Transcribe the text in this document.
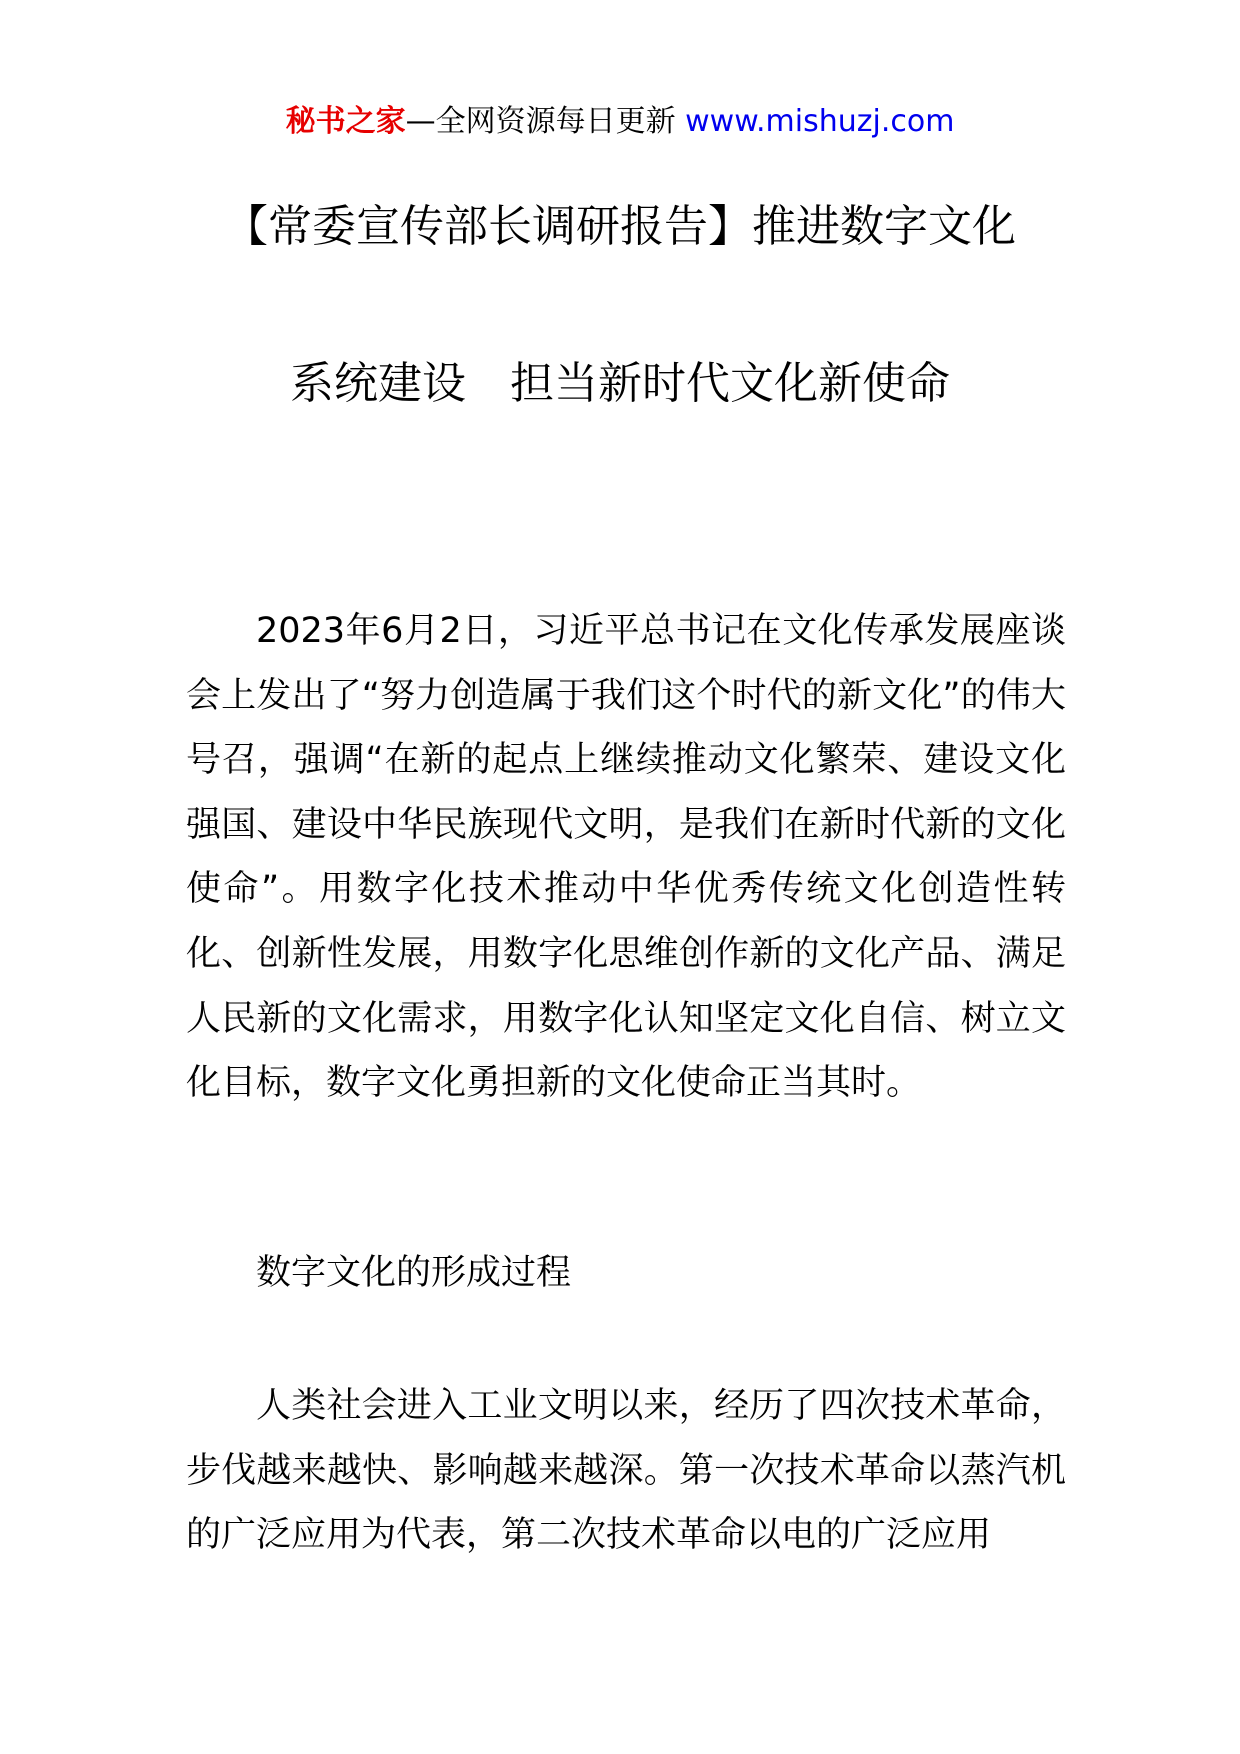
秘书之家—全网资源每日更新 www.mishuzj.com
【常委宣传部长调研报告】推进数字文化
系统建设　担当新时代文化新使命

2023年6月2日，习近平总书记在文化传承发展座谈会上发出了“努力创造属于我们这个时代的新文化”的伟大号召，强调“在新的起点上继续推动文化繁荣、建设文化强国、建设中华民族现代文明，是我们在新时代新的文化使命”。用数字化技术推动中华优秀传统文化创造性转化、创新性发展，用数字化思维创作新的文化产品、满足人民新的文化需求，用数字化认知坚定文化自信、树立文化目标，数字文化勇担新的文化使命正当其时。

数字文化的形成过程

人类社会进入工业文明以来，经历了四次技术革命，步伐越来越快、影响越来越深。第一次技术革命以蒸汽机的广泛应用为代表，第二次技术革命以电的广泛应用
